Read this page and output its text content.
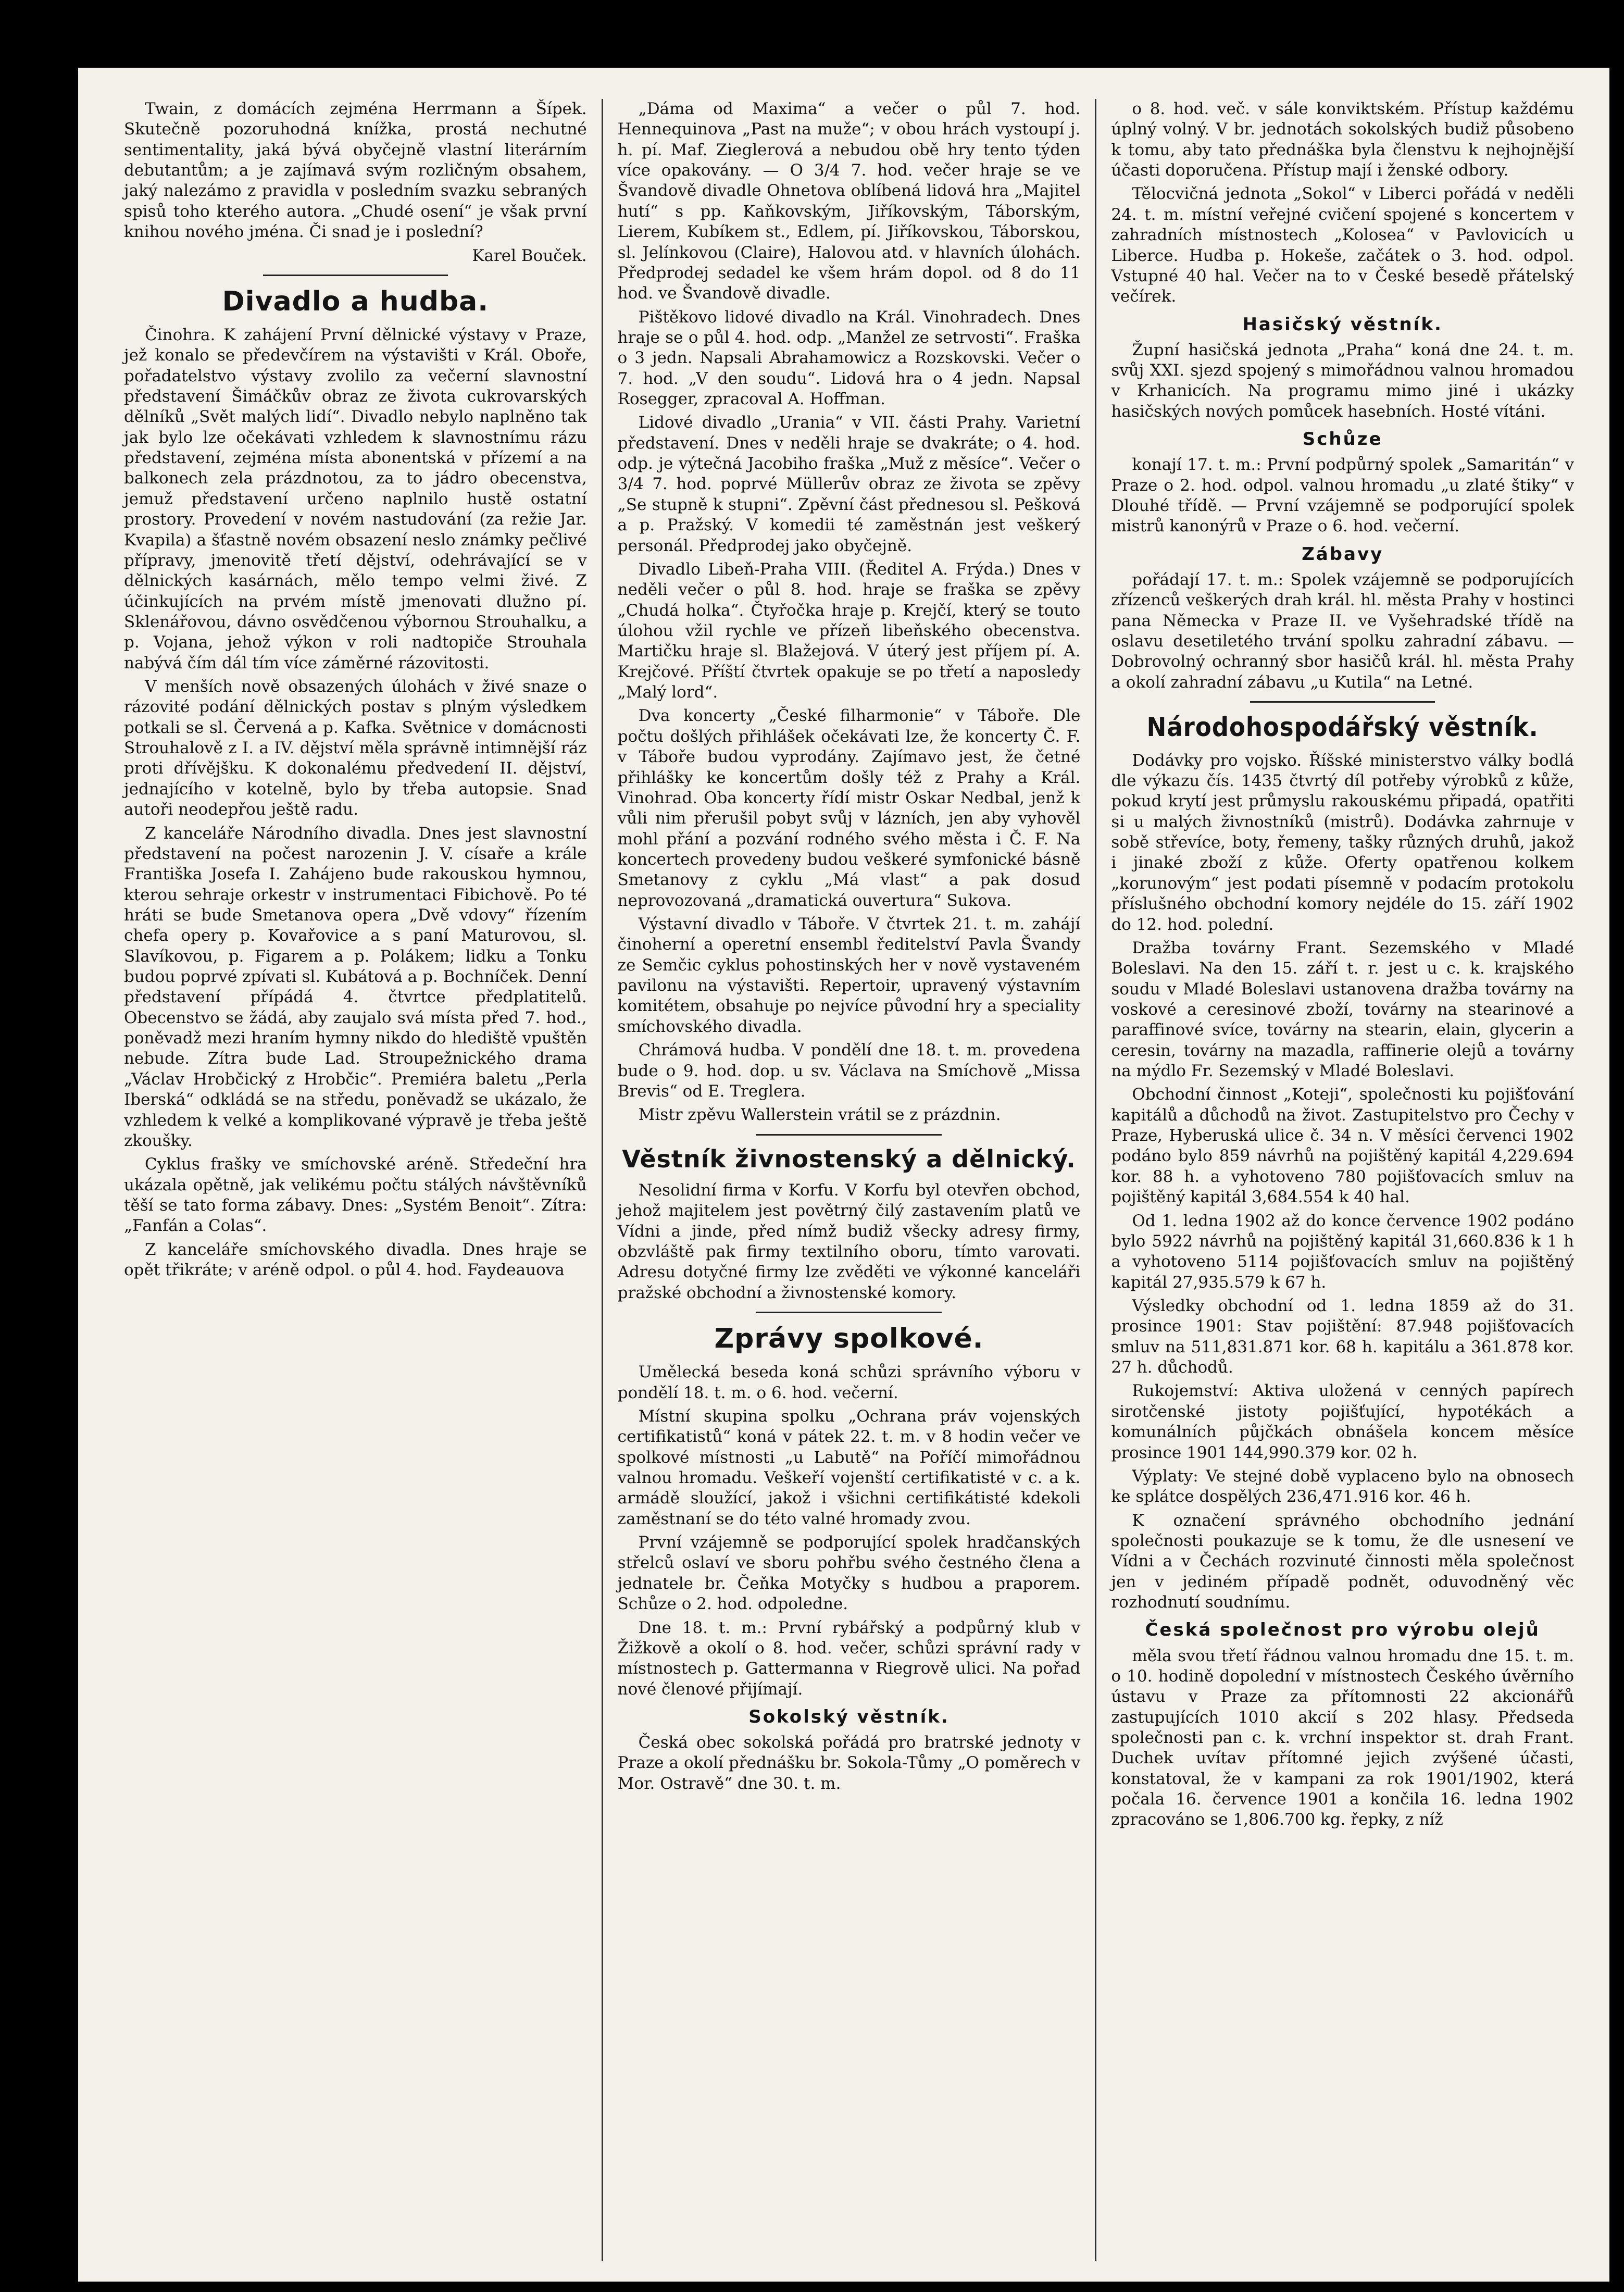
Twain, z domácích zejména Herrmann a Šípek. Skutečně pozoruhodná knížka, prostá nechutné sentimentality, jaká bývá obyčejně vlastní literárním debutantům; a je zajímavá svým rozličným obsahem, jaký nalezámo z pravidla v posledním svazku sebraných spisů toho kterého autora. „Chudé osení“ je však první knihou nového jména. Či snad je i poslední?

Karel Bouček.

Divadlo a hudba.

Činohra. K zahájení První dělnické výstavy v Praze, jež konalo se předevčírem na výstavišti v Král. Oboře, pořadatelstvo výstavy zvolilo za večerní slavnostní představení Šimáčkův obraz ze života cukrovarských dělníků „Svět malých lidí“. Divadlo nebylo naplněno tak jak bylo lze očekávati vzhledem k slavnostnímu rázu představení, zejména místa abonentská v přízemí a na balkonech zela prázdnotou, za to jádro obecenstva, jemuž představení určeno naplnilo hustě ostatní prostory. Provedení v novém nastudování (za režie Jar. Kvapila) a šťastně novém obsazení neslo známky pečlivé přípravy, jmenovitě třetí dějství, odehrávající se v dělnických kasárnách, mělo tempo velmi živé. Z účinkujících na prvém místě jmenovati dlužno pí. Sklenářovou, dávno osvědčenou výbornou Strouhalku, a p. Vojana, jehož výkon v roli nadtopiče Strouhala nabývá čím dál tím více záměrné rázovitosti.

V menších nově obsazených úlohách v živé snaze o rázovité podání dělnických postav s plným výsledkem potkali se sl. Červená a p. Kafka. Světnice v domácnosti Strouhalově z I. a IV. dějství měla správně intimnější ráz proti dřívějšku. K dokonalému předvedení II. dějství, jednajícího v kotelně, bylo by třeba autopsie. Snad autoři neodepřou ještě radu.

Z kanceláře Národního divadla. Dnes jest slavnostní představení na počest narozenin J. V. císaře a krále Františka Josefa I. Zahájeno bude rakouskou hymnou, kterou sehraje orkestr v instrumentaci Fibichově. Po té hráti se bude Smetanova opera „Dvě vdovy“ řízením chefa opery p. Kovařovice a s paní Maturovou, sl. Slavíkovou, p. Figarem a p. Polákem; lidku a Tonku budou poprvé zpívati sl. Kubátová a p. Bochníček. Denní představení přípádá 4. čtvrtce předplatitelů. Obecenstvo se žádá, aby zaujalo svá místa před 7. hod., poněvadž mezi hraním hymny nikdo do hlediště vpuštěn nebude. Zítra bude Lad. Stroupežnického drama „Václav Hrobčický z Hrobčic“. Premiéra baletu „Perla Iberská“ odkládá se na středu, poněvadž se ukázalo, že vzhledem k velké a komplikované výpravě je třeba ještě zkoušky.

Cyklus frašky ve smíchovské aréně. Středeční hra ukázala opětně, jak velikému počtu stálých návštěvníků těší se tato forma zábavy. Dnes: „Systém Benoit“. Zítra: „Fanfán a Colas“.

Z kanceláře smíchovského divadla. Dnes hraje se opět třikráte; v aréně odpol. o půl 4. hod. Faydeauova

„Dáma od Maxima“ a večer o půl 7. hod. Hennequinova „Past na muže“; v obou hrách vystoupí j. h. pí. Maf. Zieglerová a nebudou obě hry tento týden více opakovány. — O 3/4 7. hod. večer hraje se ve Švandově divadle Ohnetova oblíbená lidová hra „Majitel hutí“ s pp. Kaňkovským, Jiříkovským, Táborským, Lierem, Kubíkem st., Edlem, pí. Jiříkovskou, Táborskou, sl. Jelínkovou (Claire), Halovou atd. v hlavních úlohách. Předprodej sedadel ke všem hrám dopol. od 8 do 11 hod. ve Švandově divadle.

Pištěkovo lidové divadlo na Král. Vinohradech. Dnes hraje se o půl 4. hod. odp. „Manžel ze setrvosti“. Fraška o 3 jedn. Napsali Abrahamowicz a Rozskovski. Večer o 7. hod. „V den soudu“. Lidová hra o 4 jedn. Napsal Rosegger, zpracoval A. Hoffman.

Lidové divadlo „Urania“ v VII. části Prahy. Varietní představení. Dnes v neděli hraje se dvakráte; o 4. hod. odp. je výtečná Jacobiho fraška „Muž z měsíce“. Večer o 3/4 7. hod. poprvé Müllerův obraz ze života se zpěvy „Se stupně k stupni“. Zpěvní část přednesou sl. Pešková a p. Pražský. V komedii té zaměstnán jest veškerý personál. Předprodej jako obyčejně.

Divadlo Libeň-Praha VIII. (Ředitel A. Frýda.) Dnes v neděli večer o půl 8. hod. hraje se fraška se zpěvy „Chudá holka“. Čtyřočka hraje p. Krejčí, který se touto úlohou vžil rychle ve přízeň libeňského obecenstva. Martičku hraje sl. Blažejová. V úterý jest příjem pí. A. Krejčové. Příští čtvrtek opakuje se po třetí a naposledy „Malý lord“.

Dva koncerty „České filharmonie“ v Táboře. Dle počtu došlých přihlášek očekávati lze, že koncerty Č. F. v Táboře budou vyprodány. Zajímavo jest, že četné přihlášky ke koncertům došly též z Prahy a Král. Vinohrad. Oba koncerty řídí mistr Oskar Nedbal, jenž k vůli nim přerušil pobyt svůj v lázních, jen aby vyhověl mohl přání a pozvání rodného svého města i Č. F. Na koncertech provedeny budou veškeré symfonické básně Smetanovy z cyklu „Má vlast“ a pak dosud neprovozovaná „dramatická ouvertura“ Sukova.

Výstavní divadlo v Táboře. V čtvrtek 21. t. m. zahájí činoherní a operetní ensembl ředitelství Pavla Švandy ze Semčic cyklus pohostinských her v nově vystaveném pavilonu na výstavišti. Repertoir, upravený výstavním komitétem, obsahuje po nejvíce původní hry a speciality smíchovského divadla.

Chrámová hudba. V pondělí dne 18. t. m. provedena bude o 9. hod. dop. u sv. Václava na Smíchově „Missa Brevis“ od E. Treglera.

Mistr zpěvu Wallerstein vrátil se z prázdnin.

Věstník živnostenský a dělnický.

Nesolidní firma v Korfu. V Korfu byl otevřen obchod, jehož majitelem jest povětrný čilý zastavením platů ve Vídni a jinde, před nímž budiž všecky adresy firmy, obzvláště pak firmy textilního oboru, tímto varovati. Adresu dotyčné firmy lze zvěděti ve výkonné kanceláři pražské obchodní a živnostenské komory.

Zprávy spolkové.

Umělecká beseda koná schůzi správního výboru v pondělí 18. t. m. o 6. hod. večerní.

Místní skupina spolku „Ochrana práv vojenských certifikatistů“ koná v pátek 22. t. m. v 8 hodin večer ve spolkové místnosti „u Labutě“ na Poříčí mimořádnou valnou hromadu. Veškeří vojenští certifikatisté v c. a k. armádě sloužící, jakož i všichni certifikátisté kdekoli zaměstnaní se do této valné hromady zvou.

První vzájemně se podporující spolek hradčanských střelců oslaví ve sboru pohřbu svého čestného člena a jednatele br. Čeňka Motyčky s hudbou a praporem. Schůze o 2. hod. odpoledne.

Dne 18. t. m.: První rybářský a podpůrný klub v Žižkově a okolí o 8. hod. večer, schůzi správní rady v místnostech p. Gattermanna v Riegrově ulici. Na pořad nové členové přijímají.

Sokolský věstník.

Česká obec sokolská pořádá pro bratrské jednoty v Praze a okolí přednášku br. Sokola-Tůmy „O poměrech v Mor. Ostravě“ dne 30. t. m.

o 8. hod. več. v sále konviktském. Přístup každému úplný volný. V br. jednotách sokolských budiž působeno k tomu, aby tato přednáška byla členstvu k nejhojnější účasti doporučena. Přístup mají i ženské odbory.

Tělocvičná jednota „Sokol“ v Liberci pořádá v neděli 24. t. m. místní veřejné cvičení spojené s koncertem v zahradních místnostech „Kolosea“ v Pavlovicích u Liberce. Hudba p. Hokeše, začátek o 3. hod. odpol. Vstupné 40 hal. Večer na to v České besedě přátelský večírek.

Hasičský věstník.

Župní hasičská jednota „Praha“ koná dne 24. t. m. svůj XXI. sjezd spojený s mimořádnou valnou hromadou v Krhanicích. Na programu mimo jiné i ukázky hasičských nových pomůcek hasebních. Hosté vítáni.

Schůze

konají 17. t. m.: První podpůrný spolek „Samaritán“ v Praze o 2. hod. odpol. valnou hromadu „u zlaté štiky“ v Dlouhé třídě. — První vzájemně se podporující spolek mistrů kanonýrů v Praze o 6. hod. večerní.

Zábavy

pořádají 17. t. m.: Spolek vzájemně se podporujících zřízenců veškerých drah král. hl. města Prahy v hostinci pana Německa v Praze II. ve Vyšehradské třídě na oslavu desetiletého trvání spolku zahradní zábavu. — Dobrovolný ochranný sbor hasičů král. hl. města Prahy a okolí zahradní zábavu „u Kutila“ na Letné.

Národohospodářský věstník.

Dodávky pro vojsko. Říšské ministerstvo války bodlá dle výkazu čís. 1435 čtvrtý díl potřeby výrobků z kůže, pokud krytí jest průmyslu rakouskému připadá, opatřiti si u malých živnostníků (mistrů). Dodávka zahrnuje v sobě střevíce, boty, řemeny, tašky různých druhů, jakož i jinaké zboží z kůže. Oferty opatřenou kolkem „korunovým“ jest podati písemně v podacím protokolu příslušného obchodní komory nejdéle do 15. září 1902 do 12. hod. polední.

Dražba továrny Frant. Sezemského v Mladé Boleslavi. Na den 15. září t. r. jest u c. k. krajského soudu v Mladé Boleslavi ustanovena dražba továrny na voskové a ceresinové zboží, továrny na stearinové a paraffinové svíce, továrny na stearin, elain, glycerin a ceresin, továrny na mazadla, raffinerie olejů a továrny na mýdlo Fr. Sezemský v Mladé Boleslavi.

Obchodní činnost „Koteji“, společnosti ku pojišťování kapitálů a důchodů na život. Zastupitelstvo pro Čechy v Praze, Hyberuská ulice č. 34 n. V měsíci červenci 1902 podáno bylo 859 návrhů na pojištěný kapitál 4,229.694 kor. 88 h. a vyhotoveno 780 pojišťovacích smluv na pojištěný kapitál 3,684.554 k 40 hal.

Od 1. ledna 1902 až do konce července 1902 podáno bylo 5922 návrhů na pojištěný kapitál 31,660.836 k 1 h a vyhotoveno 5114 pojišťovacích smluv na pojištěný kapitál 27,935.579 k 67 h.

Výsledky obchodní od 1. ledna 1859 až do 31. prosince 1901: Stav pojištění: 87.948 pojišťovacích smluv na 511,831.871 kor. 68 h. kapitálu a 361.878 kor. 27 h. důchodů.

Rukojemství: Aktiva uložená v cenných papírech sirotčenské jistoty pojišťující, hypotékách a komunálních půjčkách obnášela koncem měsíce prosince 1901 144,990.379 kor. 02 h.

Výplaty: Ve stejné době vyplaceno bylo na obnosech ke splátce dospělých 236,471.916 kor. 46 h.

K označení správného obchodního jednání společnosti poukazuje se k tomu, že dle usnesení ve Vídni a v Čechách rozvinuté činnosti měla společnost jen v jediném případě podnět, oduvodněný věc rozhodnutí soudnímu.

Česká společnost pro výrobu olejů

měla svou třetí řádnou valnou hromadu dne 15. t. m. o 10. hodině dopolední v místnostech Českého úvěrního ústavu v Praze za přítomnosti 22 akcionářů zastupujících 1010 akcií s 202 hlasy. Předseda společnosti pan c. k. vrchní inspektor st. drah Frant. Duchek uvítav přítomné jejich zvýšené účasti, konstatoval, že v kampani za rok 1901/1902, která počala 16. července 1901 a končila 16. ledna 1902 zpracováno se 1,806.700 kg. řepky, z níž
